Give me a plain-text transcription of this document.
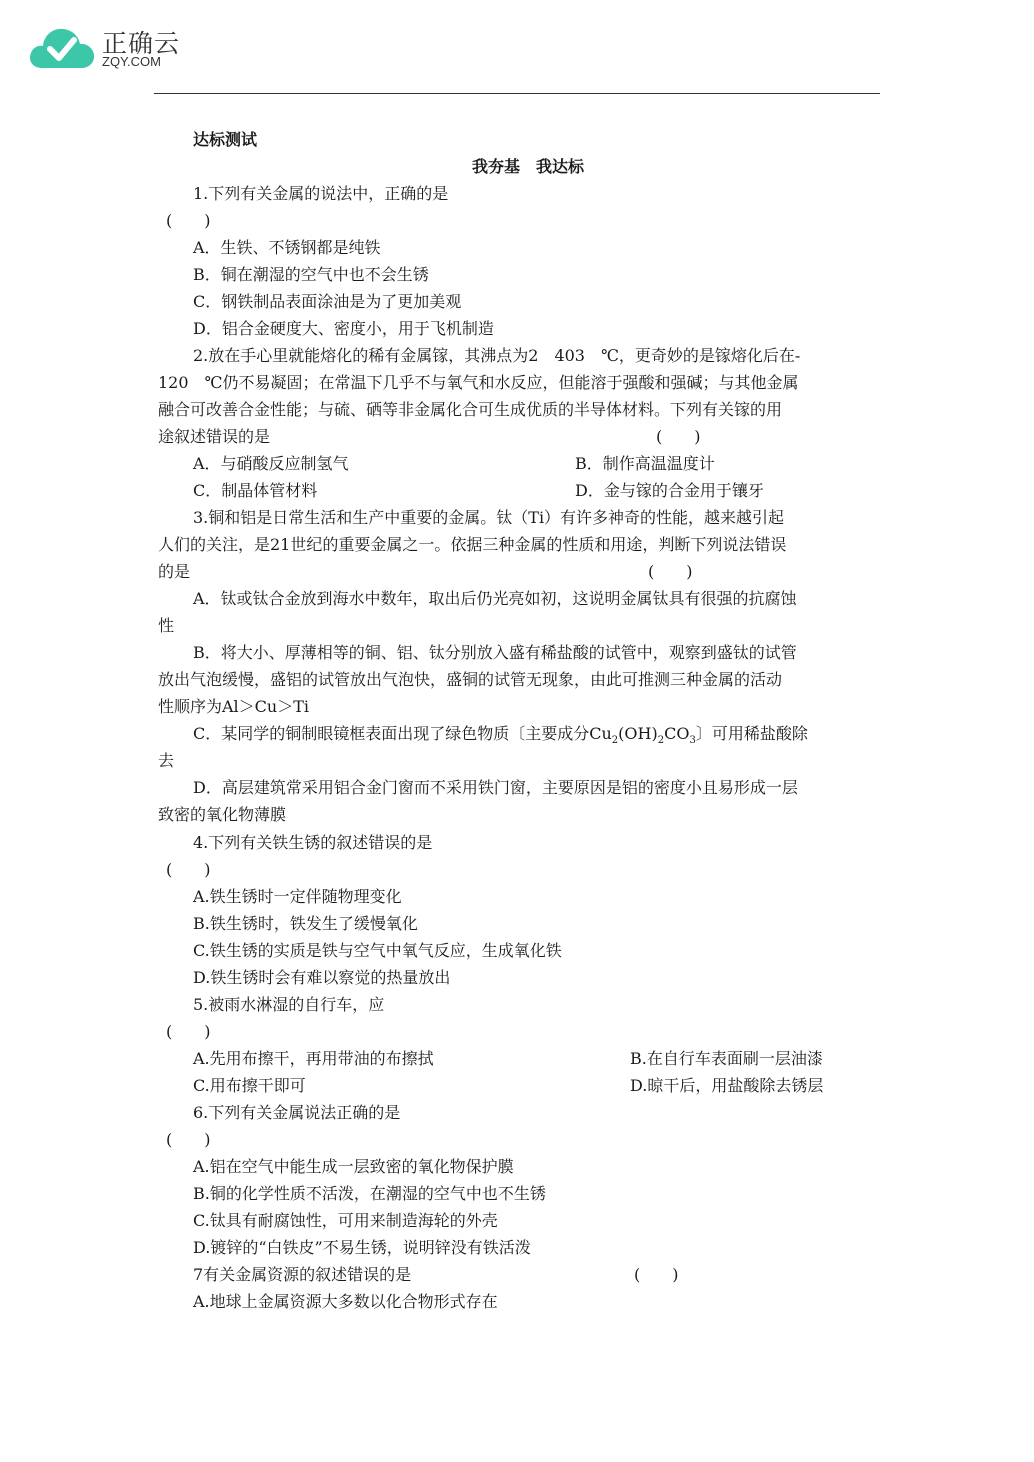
正确云
ZQY.COM
达标测试
我夯基　我达标
1.下列有关金属的说法中，正确的是
(　　)
A．生铁、不锈钢都是纯铁
B．铜在潮湿的空气中也不会生锈
C．钢铁制品表面涂油是为了更加美观
D．铝合金硬度大、密度小，用于飞机制造
2.放在手心里就能熔化的稀有金属镓，其沸点为2　403　℃，更奇妙的是镓熔化后在-
120　℃仍不易凝固；在常温下几乎不与氧气和水反应，但能溶于强酸和强碱；与其他金属
融合可改善合金性能；与硫、硒等非金属化合可生成优质的半导体材料。下列有关镓的用
途叙述错误的是	(　　)
A．与硝酸反应制氢气	B．制作高温温度计
C．制晶体管材料	D．金与镓的合金用于镶牙
3.铜和铝是日常生活和生产中重要的金属。钛（Ti）有许多神奇的性能，越来越引起
人们的关注，是21世纪的重要金属之一。依据三种金属的性质和用途，判断下列说法错误
的是	(　　)
A．钛或钛合金放到海水中数年，取出后仍光亮如初，这说明金属钛具有很强的抗腐蚀
性
B．将大小、厚薄相等的铜、铝、钛分别放入盛有稀盐酸的试管中，观察到盛钛的试管
放出气泡缓慢，盛铝的试管放出气泡快，盛铜的试管无现象，由此可推测三种金属的活动
性顺序为Al＞Cu＞Ti
C．某同学的铜制眼镜框表面出现了绿色物质〔主要成分$Cu_2(OH)_2CO_3$〕可用稀盐酸除
去
D．高层建筑常采用铝合金门窗而不采用铁门窗，主要原因是铝的密度小且易形成一层
致密的氧化物薄膜
4.下列有关铁生锈的叙述错误的是
(　　)
A.铁生锈时一定伴随物理变化
B.铁生锈时，铁发生了缓慢氧化
C.铁生锈的实质是铁与空气中氧气反应，生成氧化铁
D.铁生锈时会有难以察觉的热量放出
5.被雨水淋湿的自行车，应
(　　)
A.先用布擦干，再用带油的布擦拭	B.在自行车表面刷一层油漆
C.用布擦干即可	D.晾干后，用盐酸除去锈层
6.下列有关金属说法正确的是
(　　)
A.铝在空气中能生成一层致密的氧化物保护膜
B.铜的化学性质不活泼，在潮湿的空气中也不生锈
C.钛具有耐腐蚀性，可用来制造海轮的外壳
D.镀锌的“白铁皮”不易生锈，说明锌没有铁活泼
7有关金属资源的叙述错误的是	(　　)
A.地球上金属资源大多数以化合物形式存在
